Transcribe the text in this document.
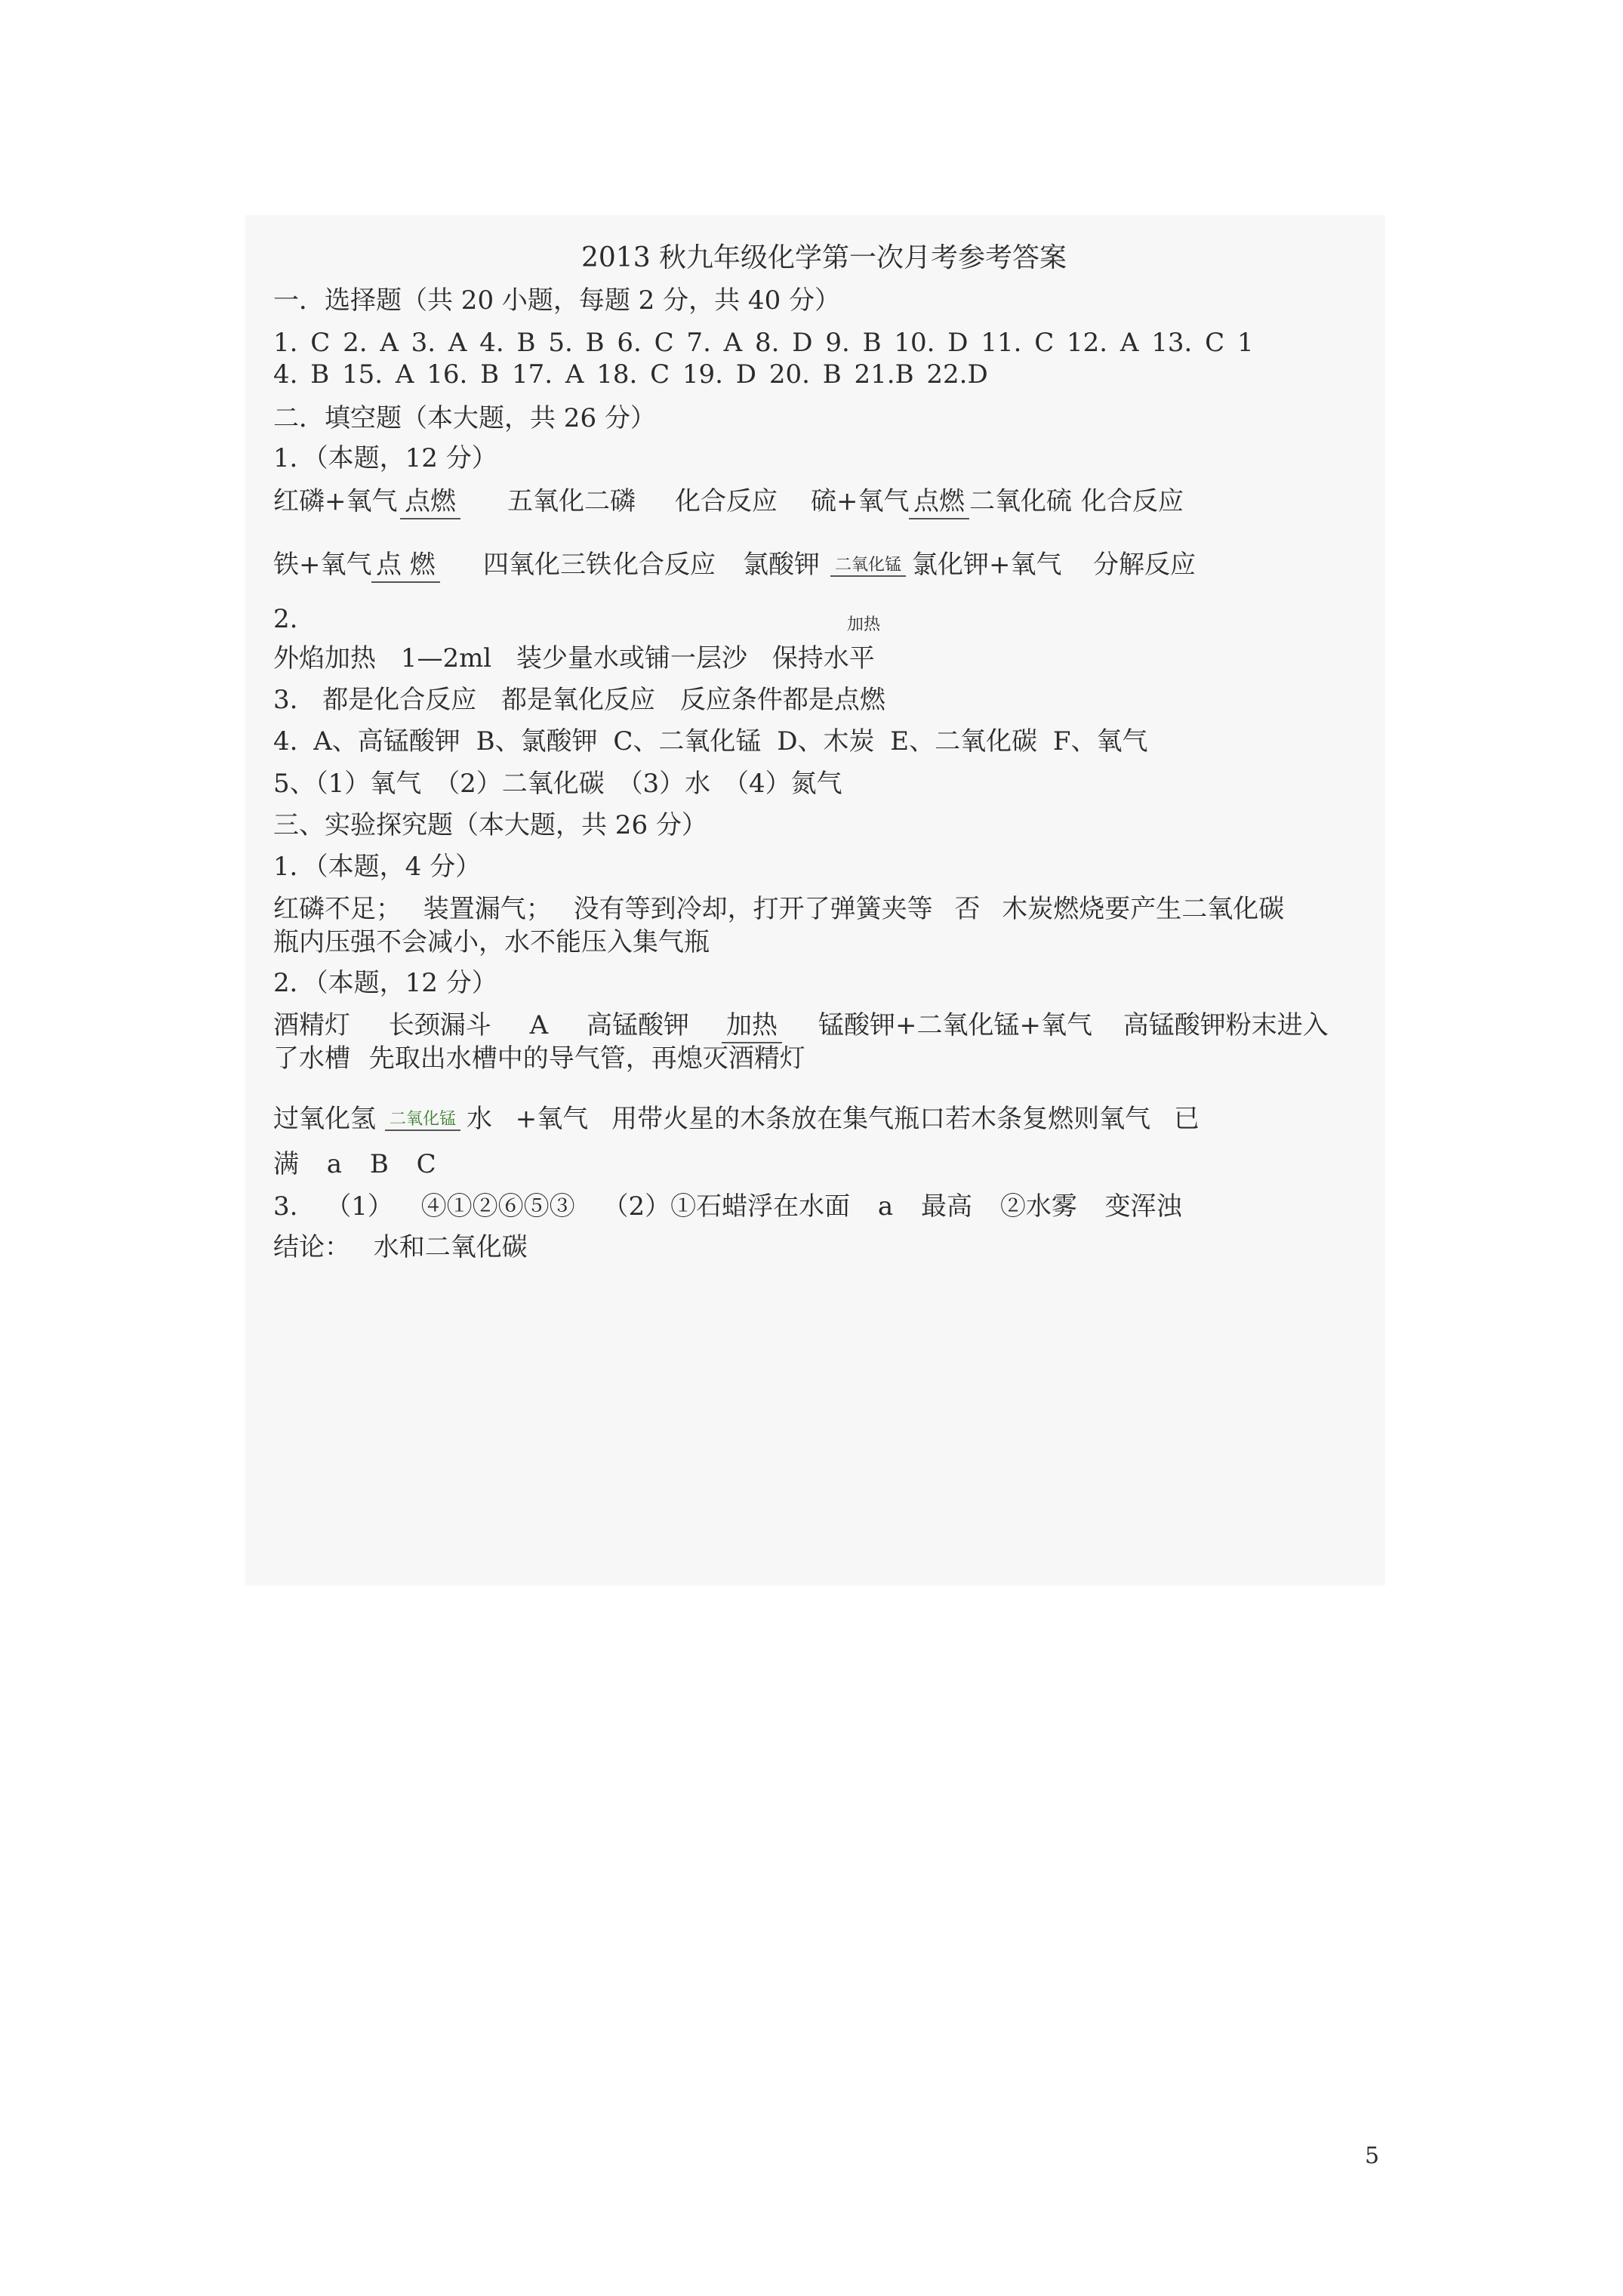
2013 秋九年级化学第一次月考参考答案
一．选择题（共 20 小题，每题 2 分，共 40 分）
1. C 2. A 3. A 4. B 5. B 6. C 7. A 8. D 9. B 10. D 11. C 12. A 13. C 1
4. B 15. A 16. B 17. A 18. C 19. D 20. B 21.B 22.D
二．填空题（本大题，共 26 分）
1．（本题，12 分）
红磷+氧气 点燃 五氧化二磷 化合反应 硫+氧气 点燃 二氧化硫 化合反应
铁+氧气 点 燃 四氧化三铁 化合反应 氯酸钾 二氧化锰 氯化钾+氧气 分解反应
2.	加热
外焰加热 1—2ml 装少量水或铺一层沙 保持水平
3. 都是化合反应 都是氧化反应 反应条件都是点燃
4. A、高锰酸钾 B、氯酸钾 C、二氧化锰 D、木炭 E、二氧化碳 F、氧气
5、（1）氧气 （2）二氧化碳 （3）水 （4）氮气
三、实验探究题（本大题，共 26 分）
1．（本题，4 分）
红磷不足； 装置漏气； 没有等到冷却，打开了弹簧夹等 否 木炭燃烧要产生二氧化碳
瓶内压强不会减小，水不能压入集气瓶
2．（本题，12 分）
酒精灯 长颈漏斗 A 高锰酸钾 加热 锰酸钾+二氧化锰+氧气 高锰酸钾粉末进入
了水槽 先取出水槽中的导气管，再熄灭酒精灯
过氧化氢 二氧化锰 水 +氧气 用带火星的木条放在集气瓶口若木条复燃则氧气 已
满 a B C
3. （1） ④①②⑥⑤③ （2）①石蜡浮在水面 a 最高 ②水雾 变浑浊
结论： 水和二氧化碳
5
